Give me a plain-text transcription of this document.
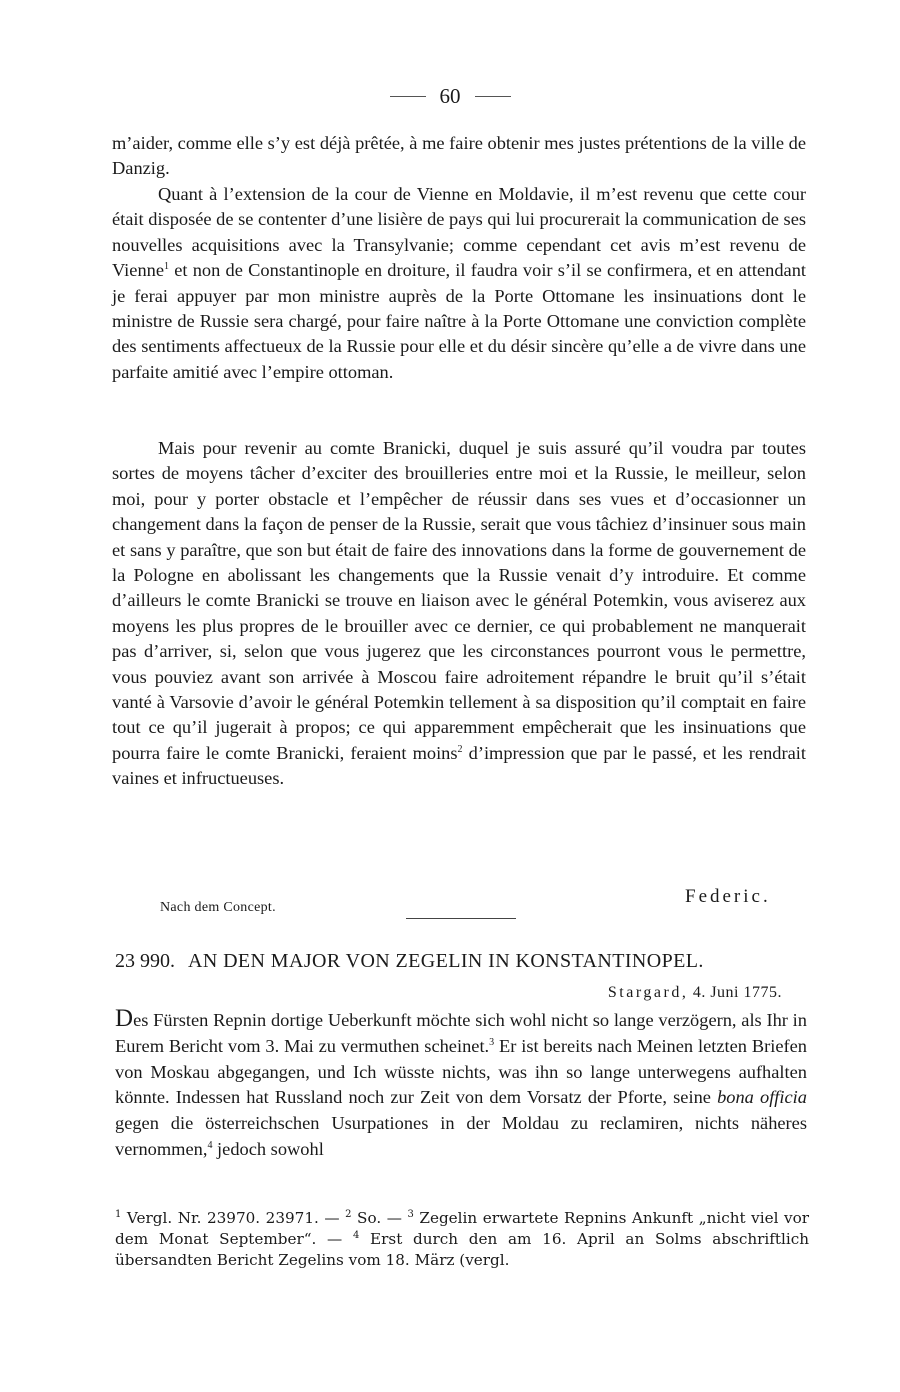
60

m’aider, comme elle s’y est déjà prêtée, à me faire obtenir mes justes prétentions de la ville de Danzig.

Quant à l’extension de la cour de Vienne en Moldavie, il m’est revenu que cette cour était disposée de se contenter d’une lisière de pays qui lui procurerait la communication de ses nouvelles acquisitions avec la Transylvanie; comme cependant cet avis m’est revenu de Vienne$^1$ et non de Constantinople en droiture, il faudra voir s’il se confirmera, et en attendant je ferai appuyer par mon ministre auprès de la Porte Ottomane les insinuations dont le ministre de Russie sera chargé, pour faire naître à la Porte Ottomane une conviction complète des sentiments affectueux de la Russie pour elle et du désir sincère qu’elle a de vivre dans une parfaite amitié avec l’empire ottoman.

Mais pour revenir au comte Branicki, duquel je suis assuré qu’il voudra par toutes sortes de moyens tâcher d’exciter des brouilleries entre moi et la Russie, le meilleur, selon moi, pour y porter obstacle et l’empêcher de réussir dans ses vues et d’occasionner un changement dans la façon de penser de la Russie, serait que vous tâchiez d’insinuer sous main et sans y paraître, que son but était de faire des innovations dans la forme de gouvernement de la Pologne en abolissant les changements que la Russie venait d’y introduire. Et comme d’ailleurs le comte Branicki se trouve en liaison avec le général Potemkin, vous aviserez aux moyens les plus propres de le brouiller avec ce dernier, ce qui probablement ne manquerait pas d’arriver, si, selon que vous jugerez que les circonstances pourront vous le permettre, vous pouviez avant son arrivée à Moscou faire adroitement répandre le bruit qu’il s’était vanté à Varsovie d’avoir le général Potemkin tellement à sa disposition qu’il comptait en faire tout ce qu’il jugerait à propos; ce qui apparemment empêcherait que les insinuations que pourra faire le comte Branicki, feraient moins$^2$ d’impression que par le passé, et les rendrait vaines et infructueuses.

Federic.
Nach dem Concept.
23 990. AN DEN MAJOR VON ZEGELIN IN KONSTANTINOPEL.
Stargard, 4. Juni 1775.

Des Fürsten Repnin dortige Ueberkunft möchte sich wohl nicht so lange verzögern, als Ihr in Eurem Bericht vom 3. Mai zu vermuthen scheinet.$^3$ Er ist bereits nach Meinen letzten Briefen von Moskau abgegangen, und Ich wüsste nichts, was ihn so lange unterwegens aufhalten könnte. Indessen hat Russland noch zur Zeit von dem Vorsatz der Pforte, seine bona officia gegen die österreichschen Usurpationes in der Moldau zu reclamiren, nichts näheres vernommen,$^4$ jedoch sowohl

$^1$ Vergl. Nr. 23970. 23971. — $^2$ So. — $^3$ Zegelin erwartete Repnins Ankunft „nicht viel vor dem Monat September“. — $^4$ Erst durch den am 16. April an Solms abschriftlich übersandten Bericht Zegelins vom 18. März (vergl.
